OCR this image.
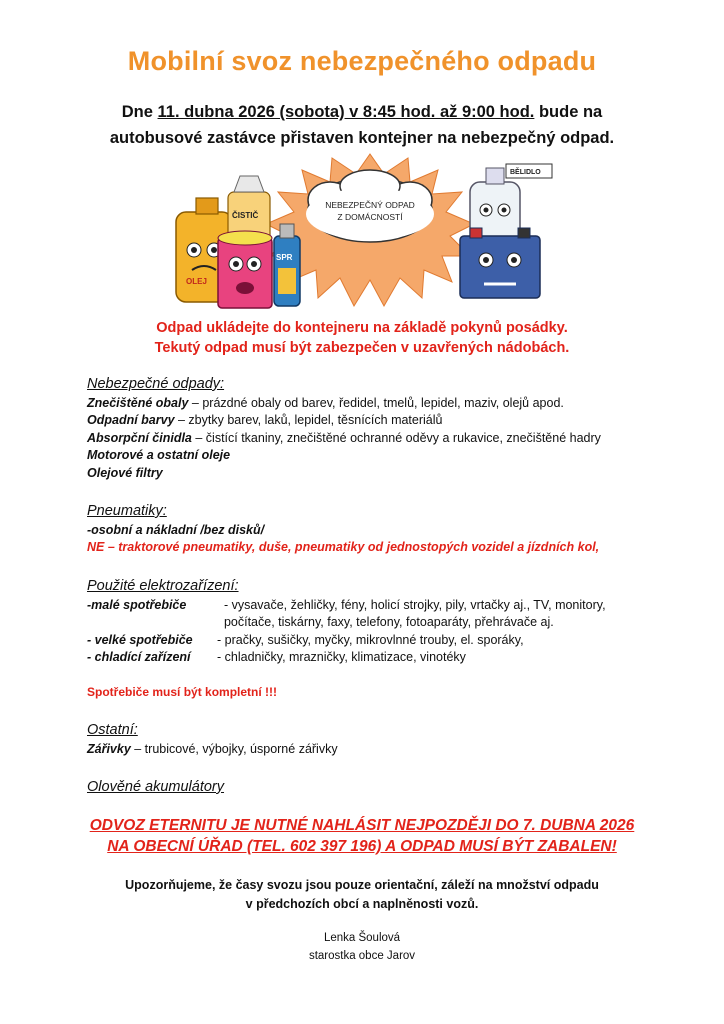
Mobilní svoz nebezpečného odpadu
Dne 11. dubna 2026 (sobota) v 8:45 hod. až 9:00 hod. bude na
autobusové zastávce přistaven kontejner na nebezpečný odpad.
NEBEZPEČNÝ ODPAD
Z DOMÁCNOSTÍ
OLEJ
ČISTIČ
SPR
BĚLIDLO
Odpad ukládejte do kontejneru na základě pokynů posádky.
Tekutý odpad musí být zabezpečen v uzavřených nádobách.
Nebezpečné odpady:
Znečištěné obaly – prázdné obaly od barev, ředidel, tmelů, lepidel, maziv, olejů apod.
Odpadní barvy – zbytky barev, laků, lepidel, těsnících materiálů
Absorpční činidla – čistící tkaniny, znečištěné ochranné oděvy a rukavice, znečištěné hadry
Motorové a ostatní oleje
Olejové filtry
Pneumatiky:
-osobní a nákladní /bez disků/
NE – traktorové pneumatiky, duše, pneumatiky od jednostopých vozidel a jízdních kol,
Použité elektrozařízení:
-malé spotřebiče	- vysavače, žehličky, fény, holicí strojky, pily, vrtačky aj., TV, monitory,
počítače, tiskárny, faxy, telefony, fotoaparáty, přehrávače aj.
- velké spotřebiče	- pračky, sušičky, myčky, mikrovlnné trouby, el. sporáky,
- chladící zařízení	- chladničky, mrazničky, klimatizace, vinotéky
Spotřebiče musí být kompletní !!!
Ostatní:
Zářivky – trubicové, výbojky, úsporné zářivky
Olověné akumulátory
ODVOZ ETERNITU JE NUTNÉ NAHLÁSIT NEJPOZDĚJI DO 7. DUBNA 2026
NA OBECNÍ ÚŘAD (TEL. 602 397 196) A ODPAD MUSÍ BÝT ZABALEN!
Upozorňujeme, že časy svozu jsou pouze orientační, záleží na množství odpadu
v předchozích obcí a naplněnosti vozů.
Lenka Šoulová
starostka obce Jarov
